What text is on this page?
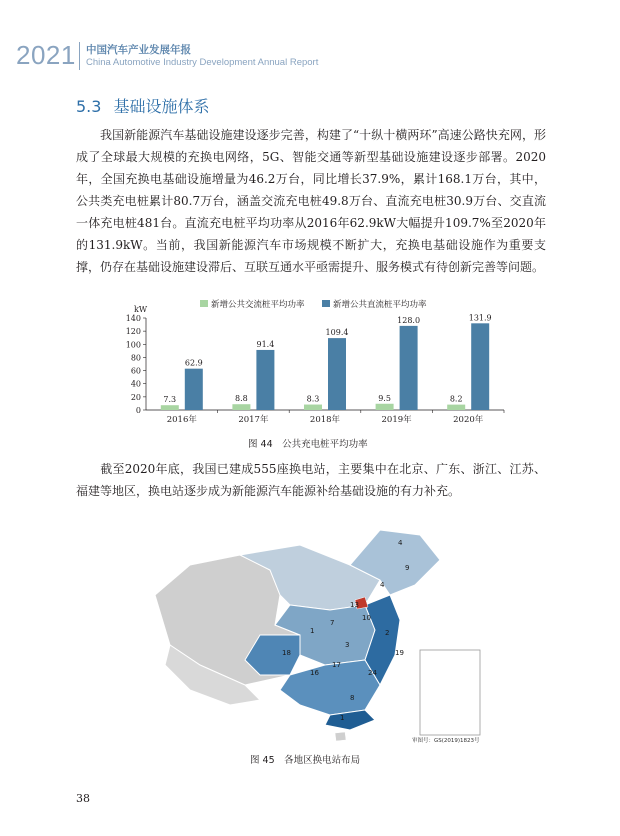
2021 中国汽车产业发展年报
China Automotive Industry Development Annual Report
5.3 基础设施体系

我国新能源汽车基础设施建设逐步完善，构建了“十纵十横两环”高速公路快充网，形成了全球最大规模的充换电网络，5G、智能交通等新型基础设施建设逐步部署。2020年，全国充换电基础设施增量为46.2万台，同比增长37.9%，累计168.1万台，其中，公共类充电桩累计80.7万台，涵盖交流充电桩49.8万台、直流充电桩30.9万台、交直流一体充电桩481台。直流充电桩平均功率从2016年62.9kW大幅提升109.7%至2020年的131.9kW。当前，我国新能源汽车市场规模不断扩大，充换电基础设施作为重要支撑，仍存在基础设施建设滞后、互联互通水平亟需提升、服务模式有待创新完善等问题。

新增公共交流桩平均功率	新增公共直流桩平均功率
kW
0
20
40
60
80
100
120
140
7.3
62.9
2016年
8.8
91.4
2017年
8.3
109.4
2018年
9.5
128.0
2019年
8.2
131.9
2020年
图 44　公共充电桩平均功率

截至2020年底，我国已建成555座换电站，主要集中在北京、广东、浙江、江苏、福建等地区，换电站逐步成为新能源汽车能源补给基础设施的有力补充。

审图号：GS(2019)1823号
4
9
4
13
10
7
2
19
3
1
18
17
16	24
8
1
图 45　各地区换电站布局
38
